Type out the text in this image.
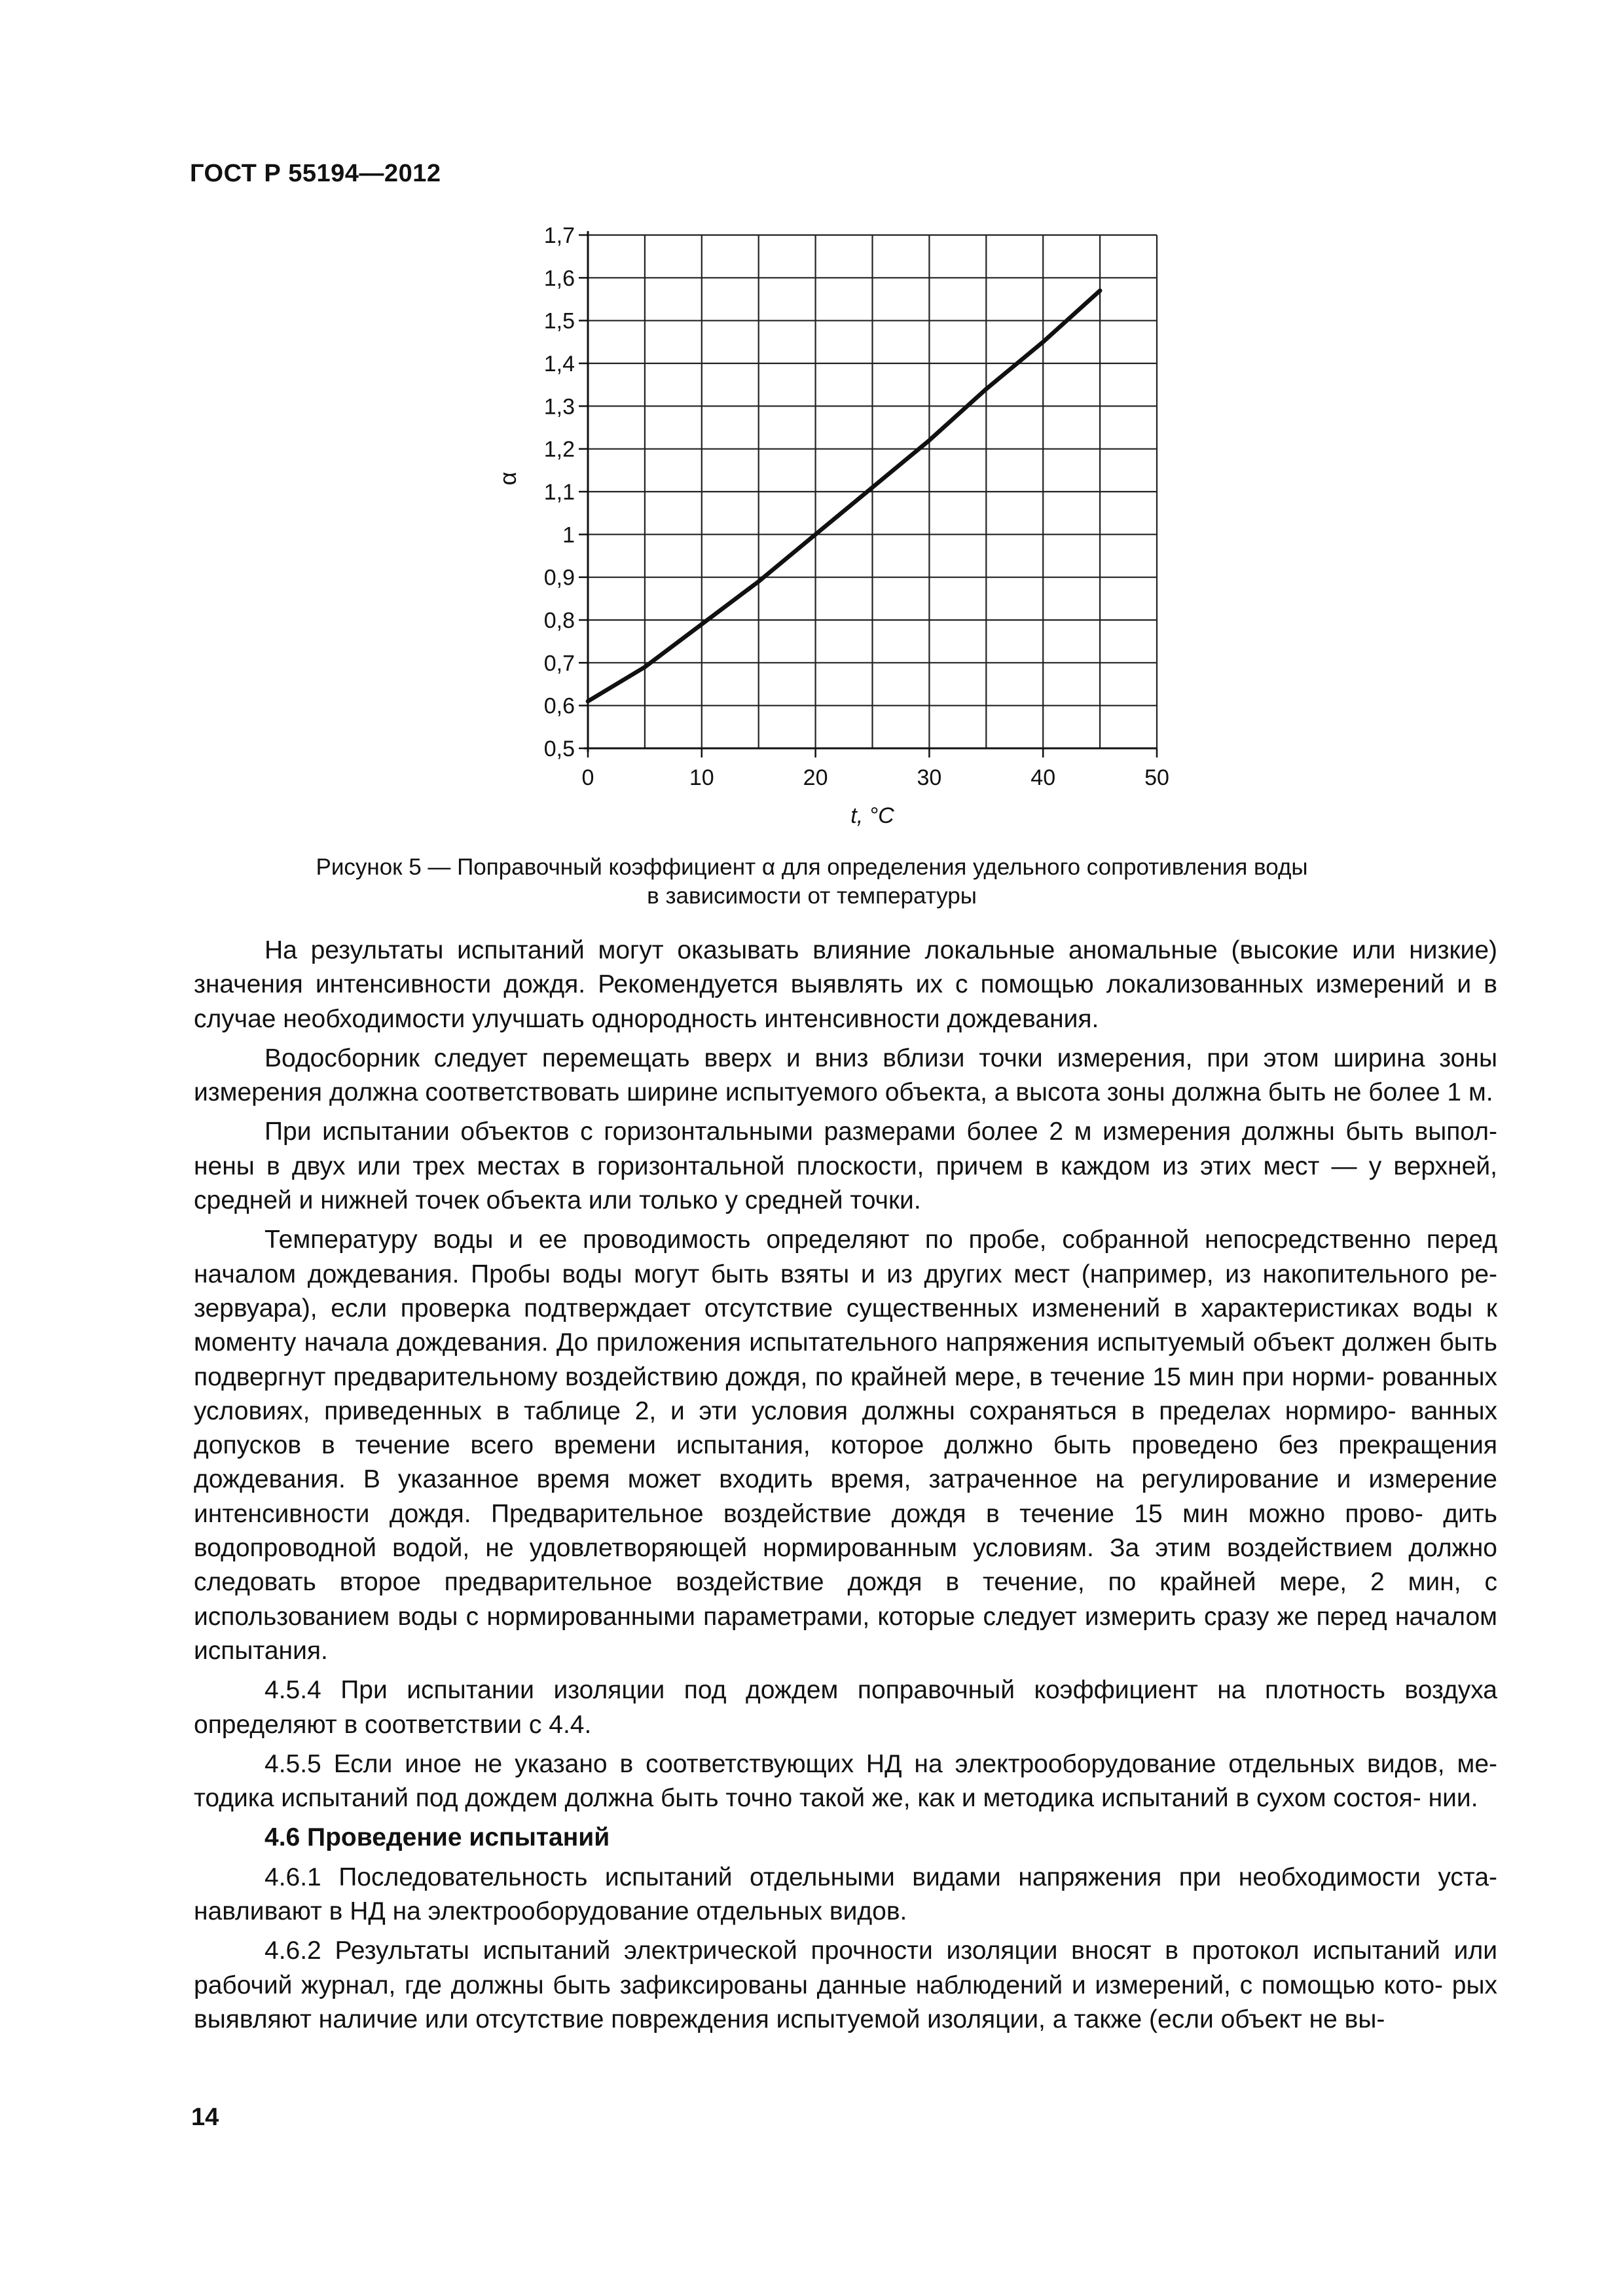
ГОСТ Р 55194—2012
0,5
0,6
0,7
0,8
0,9
1
1,1
1,2
1,3
1,4
1,5
1,6
1,7
0	10	20	30	40	50
t, °C
α
Рисунок 5 — Поправочный коэффициент α для определения удельного сопротивления воды
в зависимости от температуры

На результаты испытаний могут оказывать влияние локальные аномальные (высокие или низкие) значения интенсивности дождя. Рекомендуется выявлять их с помощью локализованных измерений и в случае необходимости улучшать однородность интенсивности дождевания.

Водосборник следует перемещать вверх и вниз вблизи точки измерения, при этом ширина зоны измерения должна соответствовать ширине испытуемого объекта, а высота зоны должна быть не более 1 м.

При испытании объектов с горизонтальными размерами более 2 м измерения должны быть выпол- нены в двух или трех местах в горизонтальной плоскости, причем в каждом из этих мест — у верхней, средней и нижней точек объекта или только у средней точки.

Температуру воды и ее проводимость определяют по пробе, собранной непосредственно перед началом дождевания. Пробы воды могут быть взяты и из других мест (например, из накопительного ре- зервуара), если проверка подтверждает отсутствие существенных изменений в характеристиках воды к моменту начала дождевания. До приложения испытательного напряжения испытуемый объект должен быть подвергнут предварительному воздействию дождя, по крайней мере, в течение 15 мин при норми- рованных условиях, приведенных в таблице 2, и эти условия должны сохраняться в пределах нормиро- ванных допусков в течение всего времени испытания, которое должно быть проведено без прекращения дождевания. В указанное время может входить время, затраченное на регулирование и измерение интенсивности дождя. Предварительное воздействие дождя в течение 15 мин можно прово- дить водопроводной водой, не удовлетворяющей нормированным условиям. За этим воздействием должно следовать второе предварительное воздействие дождя в течение, по крайней мере, 2 мин, с использованием воды с нормированными параметрами, которые следует измерить сразу же перед началом испытания.

4.5.4 При испытании изоляции под дождем поправочный коэффициент на плотность воздуха определяют в соответствии с 4.4.

4.5.5 Если иное не указано в соответствующих НД на электрооборудование отдельных видов, ме- тодика испытаний под дождем должна быть точно такой же, как и методика испытаний в сухом состоя- нии.

4.6 Проведение испытаний

4.6.1 Последовательность испытаний отдельными видами напряжения при необходимости уста- навливают в НД на электрооборудование отдельных видов.

4.6.2 Результаты испытаний электрической прочности изоляции вносят в протокол испытаний или рабочий журнал, где должны быть зафиксированы данные наблюдений и измерений, с помощью кото- рых выявляют наличие или отсутствие повреждения испытуемой изоляции, а также (если объект не вы-

14
